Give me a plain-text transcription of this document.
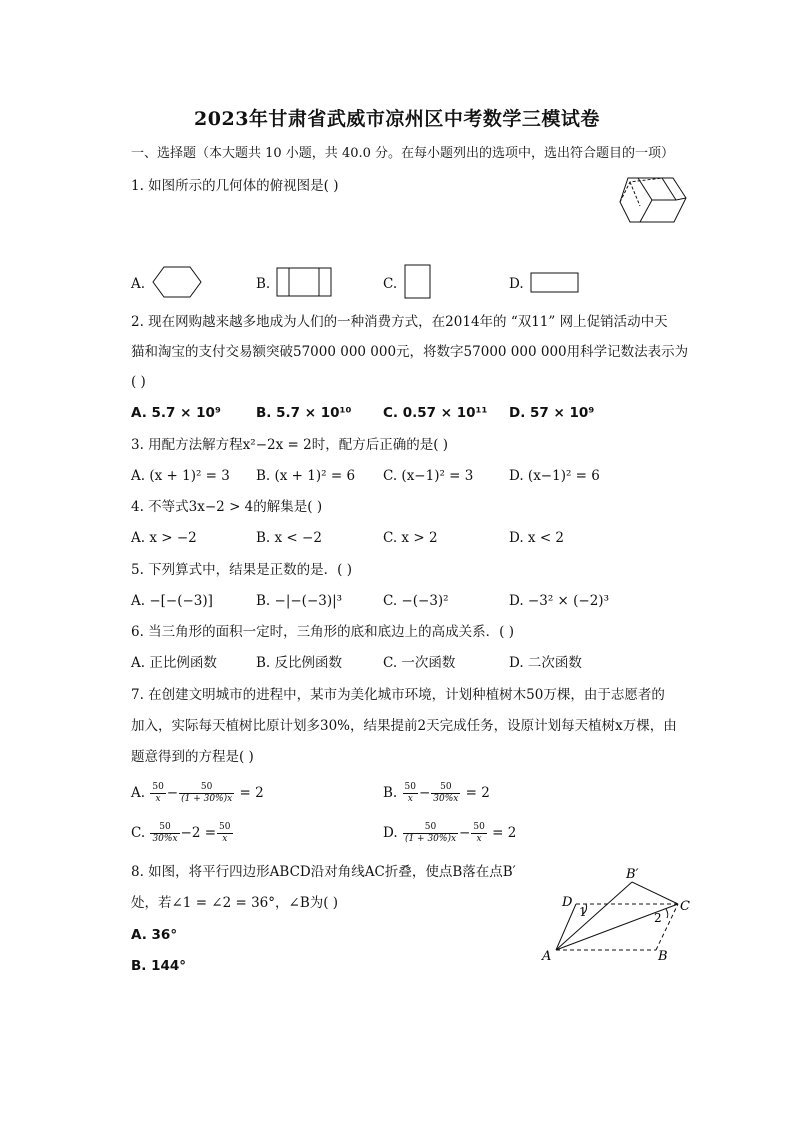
2023年甘肃省武威市凉州区中考数学三模试卷
一、选择题（本大题共 10 小题，共 40.0 分。在每小题列出的选项中，选出符合题目的一项）
1. 如图所示的几何体的俯视图是( )
A.	B.	C.	D.
2. 现在网购越来越多地成为人们的一种消费方式，在2014年的 “双11” 网上促销活动中天
猫和淘宝的支付交易额突破57000 000 000元，将数字57000 000 000用科学记数法表示为
( )
A. 5.7 × 10⁹	B. 5.7 × 10¹⁰ C. 0.57 × 10¹¹ D. 57 × 10⁹
3. 用配方法解方程x²−2x = 2时，配方后正确的是( )
A. (x + 1)² = 3 B. (x + 1)² = 6 C. (x−1)² = 3	D. (x−1)² = 6
4. 不等式3x−2 > 4的解集是( )
A. x > −2	B. x < −2	C. x > 2	D. x < 2
5. 下列算式中，结果是正数的是．( )
A. −[−(−3)]	B. −|−(−3)|³	C. −(−3)²	D. −3² × (−2)³
6. 当三角形的面积一定时，三角形的底和底边上的高成关系．( )
A. 正比例函数	B. 反比例函数	C. 一次函数	D. 二次函数
7. 在创建文明城市的进程中，某市为美化城市环境，计划种植树木50万棵，由于志愿者的
加入，实际每天植树比原计划多30%，结果提前2天完成任务，设原计划每天植树x万棵，由
题意得到的方程是( )
A. $\frac{50}{x} - \frac{50}{(1 + 30\%)x} = 2$	B. $\frac{50}{x} - \frac{50}{30\%x} = 2$
C. $\frac{50}{30\%x} -2 = \frac{50}{x}$	D. $\frac{50}{(1 + 30\%)x} - \frac{50}{x} = 2$
8. 如图，将平行四边形ABCD沿对角线AC折叠，使点B落在点B′
处，若∠1 = ∠2 = 36°，∠B为( )
A. 36°
B. 144°
A	B
C
D
B′
1	2
